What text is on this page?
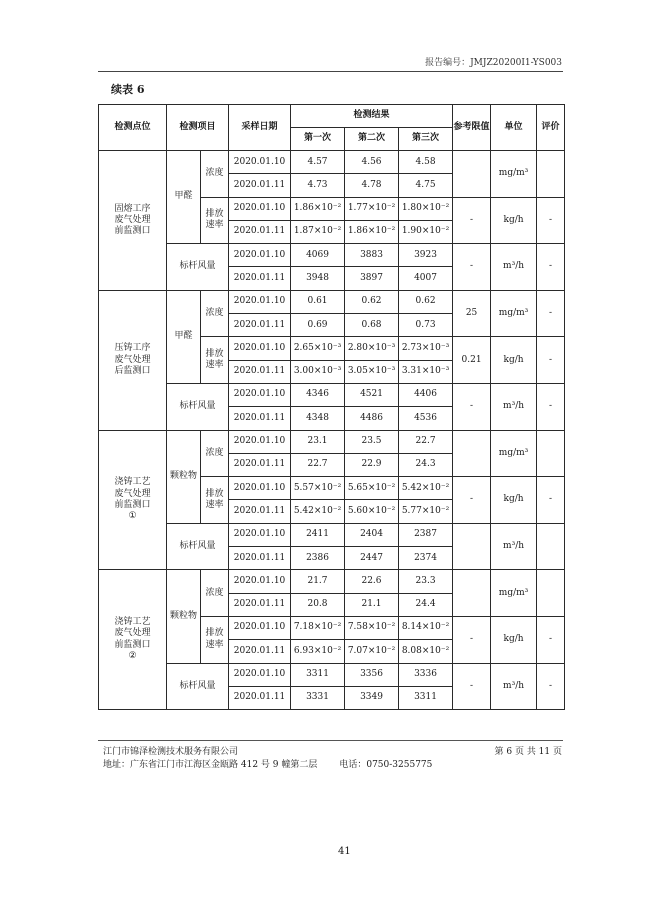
报告编号：JMJZ20200I1-YS003
续表 6
检测点位	检测项目		采样日期	检测结果			参考限值	单位	评价
				第一次	第二次	第三次			

固熔工序
废气处理
前监测口	甲醛	浓度	2020.01.10	4.57	4.56	4.58		mg/m³	
			2020.01.11	4.73	4.78	4.75			

		排放
速率	2020.01.10	1.86×10⁻²	1.77×10⁻²	1.80×10⁻²	-	kg/h	-
			2020.01.11	1.87×10⁻²	1.86×10⁻²	1.90×10⁻²			
	标杆风量		2020.01.10	4069	3883	3923	-	m³/h	-
			2020.01.11	3948	3897	4007			

压铸工序
废气处理
后监测口	甲醛	浓度	2020.01.10	0.61	0.62	0.62	25	mg/m³	-
			2020.01.11	0.69	0.68	0.73			

		排放
速率	2020.01.10	2.65×10⁻³	2.80×10⁻³	2.73×10⁻³	0.21	kg/h	-
			2020.01.11	3.00×10⁻³	3.05×10⁻³	3.31×10⁻³			
	标杆风量		2020.01.10	4346	4521	4406	-	m³/h	-
			2020.01.11	4348	4486	4536			

浇铸工艺
废气处理
前监测口
①	颗粒物	浓度	2020.01.10	23.1	23.5	22.7		mg/m³	
			2020.01.11	22.7	22.9	24.3			

		排放
速率	2020.01.10	5.57×10⁻²	5.65×10⁻²	5.42×10⁻²	-	kg/h	-
			2020.01.11	5.42×10⁻²	5.60×10⁻²	5.77×10⁻²			
	标杆风量		2020.01.10	2411	2404	2387		m³/h	
			2020.01.11	2386	2447	2374			

浇铸工艺
废气处理
前监测口
②	颗粒物	浓度	2020.01.10	21.7	22.6	23.3		mg/m³	
			2020.01.11	20.8	21.1	24.4			

		排放
速率	2020.01.10	7.18×10⁻²	7.58×10⁻²	8.14×10⁻²	-	kg/h	-
			2020.01.11	6.93×10⁻²	7.07×10⁻²	8.08×10⁻²			
	标杆风量		2020.01.10	3311	3356	3336	-	m³/h	-
			2020.01.11	3331	3349	3311			
江门市锦泽检测技术服务有限公司	第 6 页 共 11 页
地址：广东省江门市江海区金瓯路 412 号 9 幢第二层 电话：0750-3255775
41
